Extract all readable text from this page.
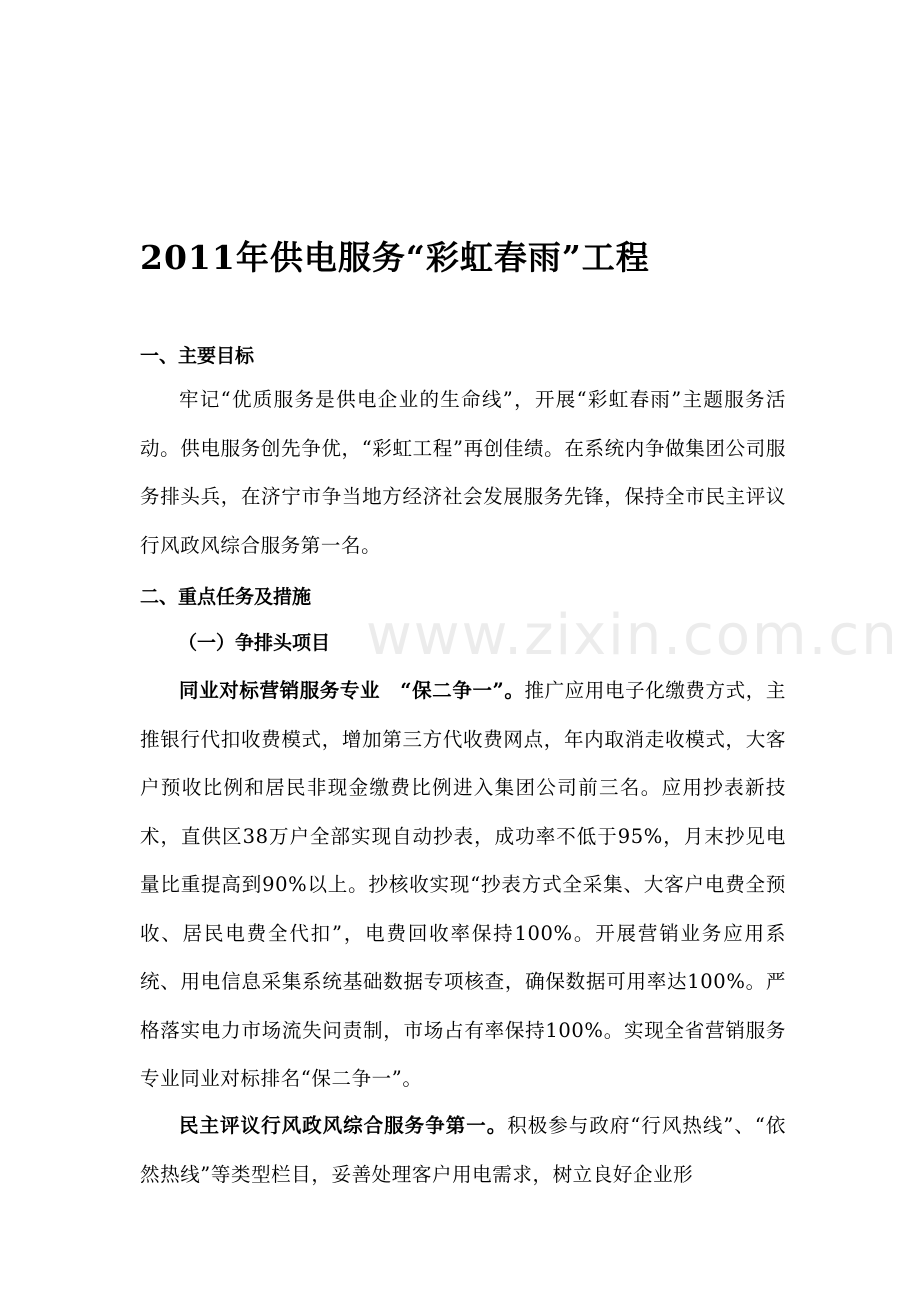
www.zixin.com.cn
2011年供电服务“彩虹春雨”工程
一、主要目标
牢记“优质服务是供电企业的生命线”，开展“彩虹春雨”主题服务活动。供电服务创先争优，“彩虹工程”再创佳绩。在系统内争做集团公司服务排头兵，在济宁市争当地方经济社会发展服务先锋，保持全市民主评议行风政风综合服务第一名。
二、重点任务及措施
（一）争排头项目
同业对标营销服务专业　“保二争一”。推广应用电子化缴费方式，主推银行代扣收费模式，增加第三方代收费网点，年内取消走收模式，大客户预收比例和居民非现金缴费比例进入集团公司前三名。应用抄表新技术，直供区38万户全部实现自动抄表，成功率不低于95%，月末抄见电量比重提高到90%以上。抄核收实现“抄表方式全采集、大客户电费全预收、居民电费全代扣”，电费回收率保持100%。开展营销业务应用系统、用电信息采集系统基础数据专项核查，确保数据可用率达100%。严格落实电力市场流失问责制，市场占有率保持100%。实现全省营销服务专业同业对标排名“保二争一”。
民主评议行风政风综合服务争第一。积极参与政府“行风热线”、“依然热线”等类型栏目，妥善处理客户用电需求，树立良好企业形
